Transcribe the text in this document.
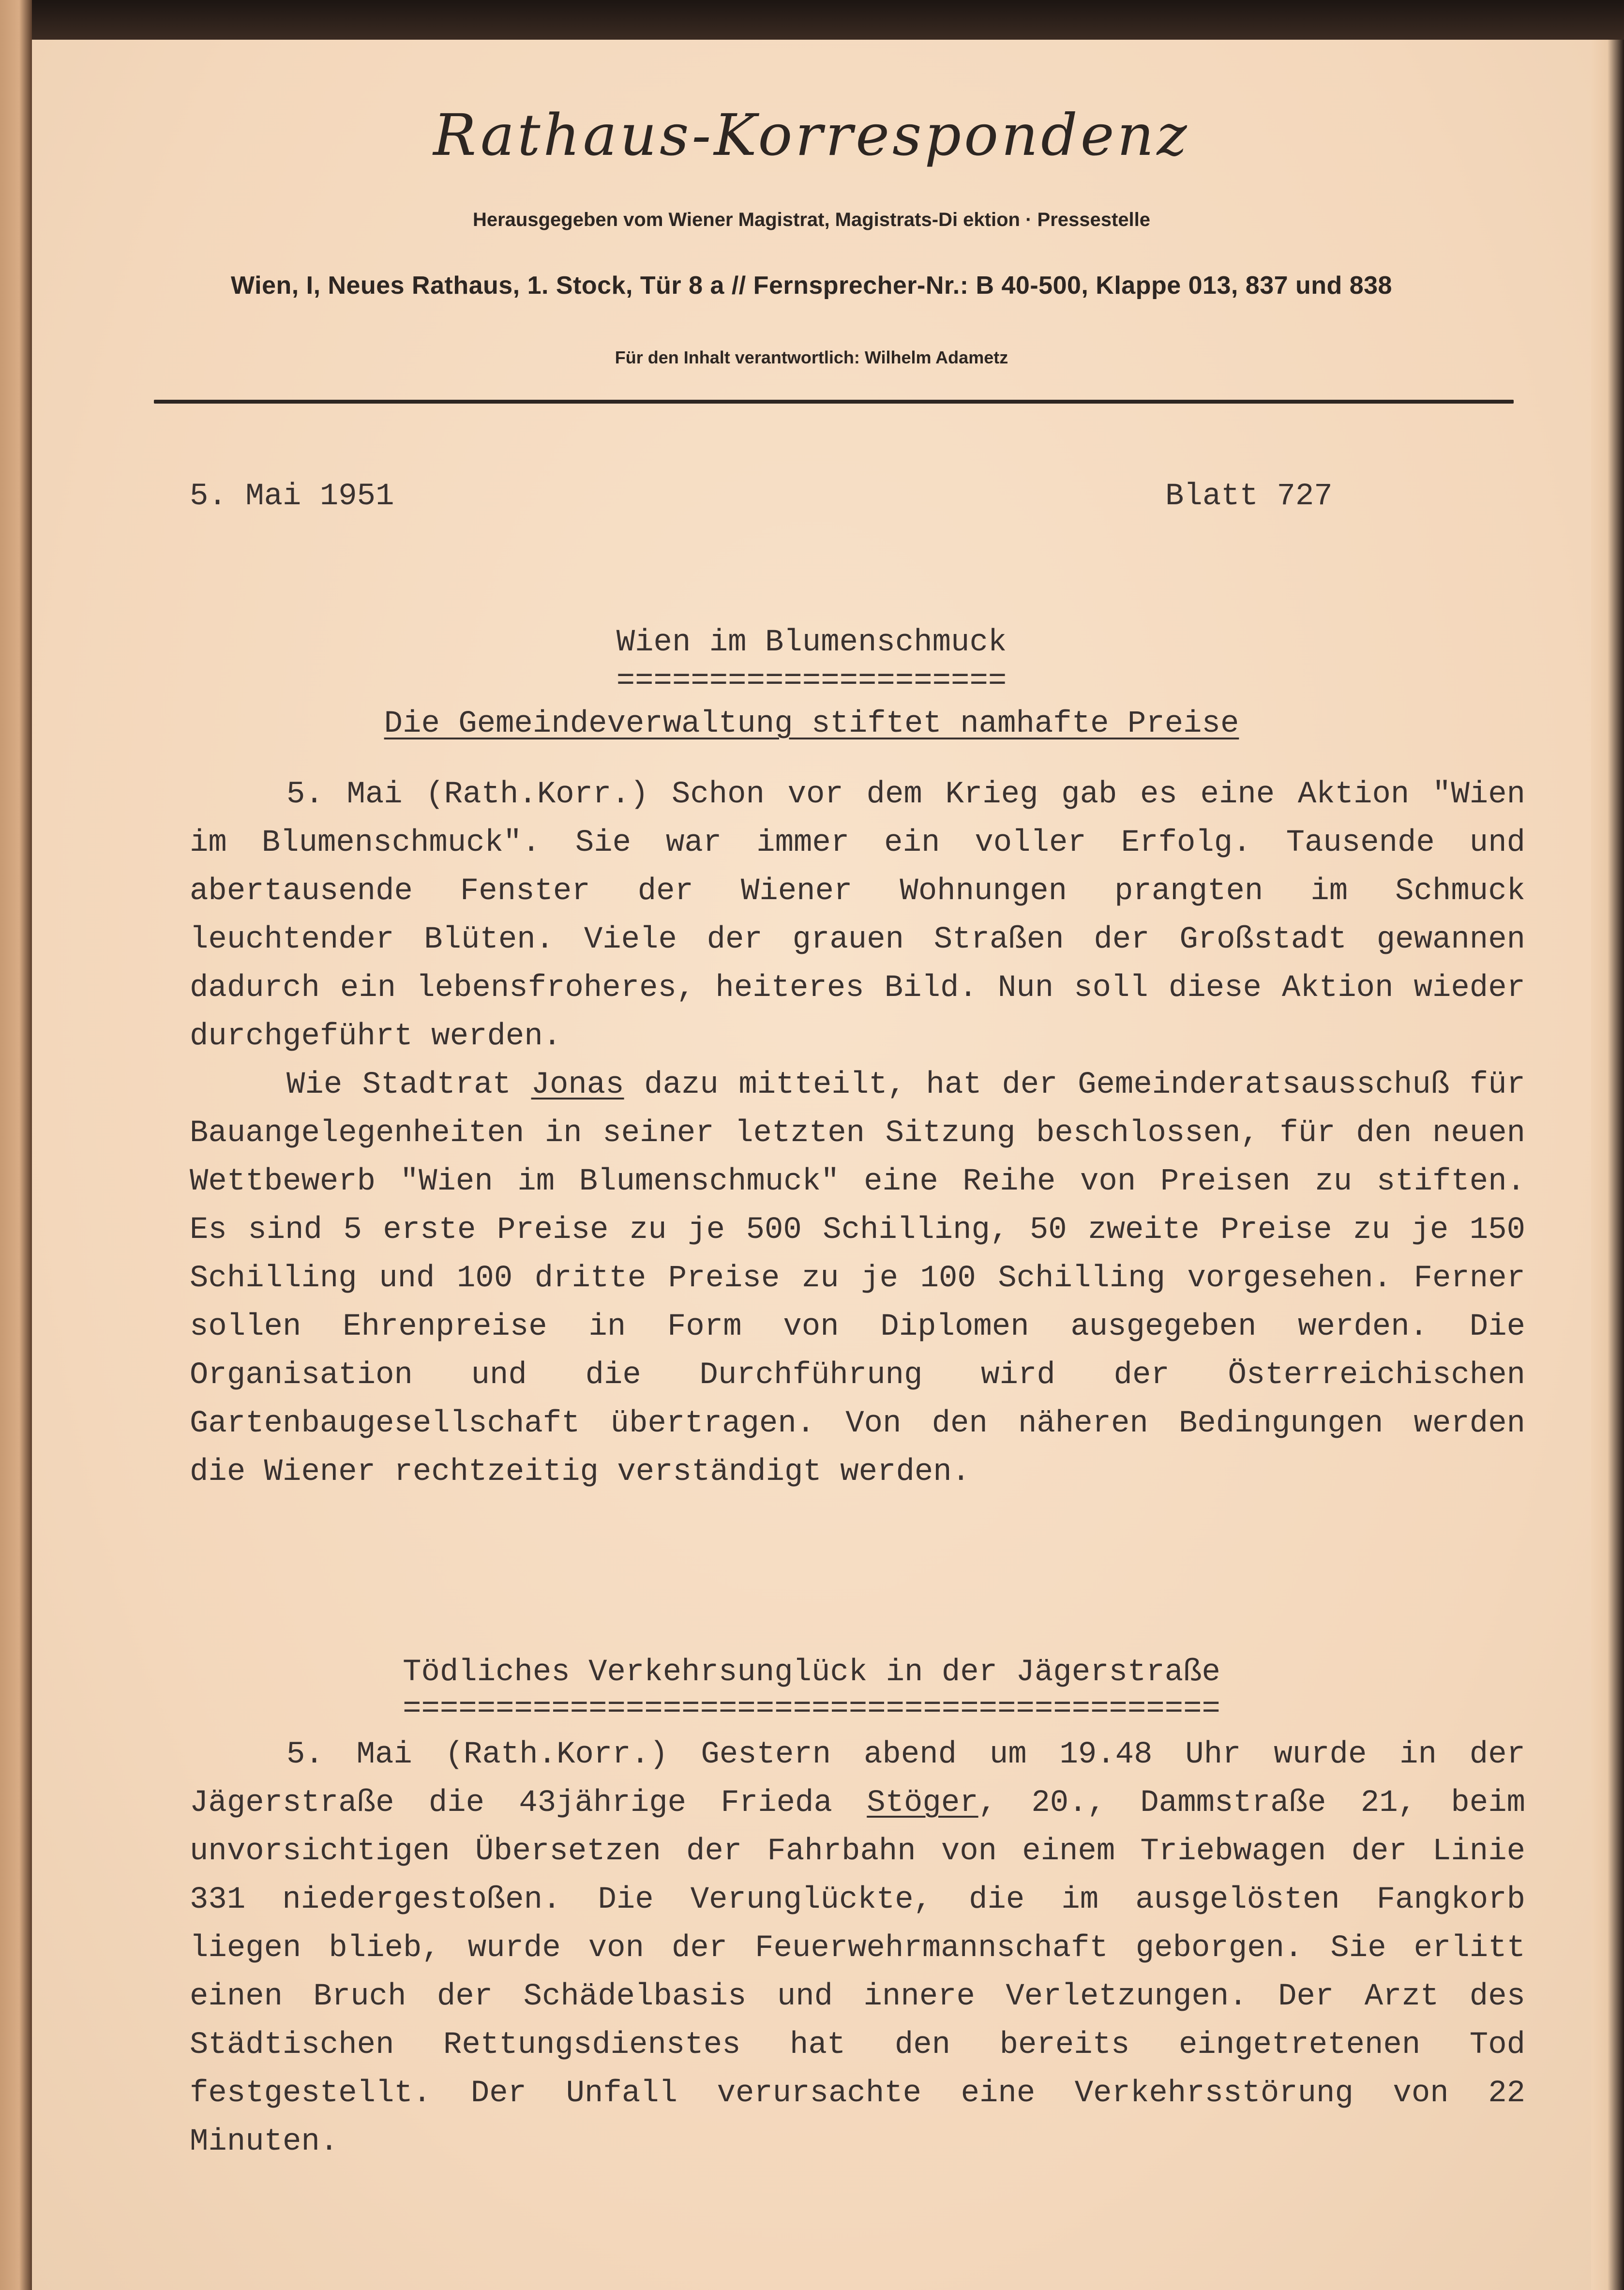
Rathaus-Korrespondenz
Herausgegeben vom Wiener Magistrat, Magistrats-Di ektion · Pressestelle
Wien, I, Neues Rathaus, 1. Stock, Tür 8 a // Fernsprecher-Nr.: B 40-500, Klappe 013, 837 und 838
Für den Inhalt verantwortlich: Wilhelm Adametz
5. Mai 1951	Blatt 727
Wien im Blumenschmuck
=====================
Die Gemeindeverwaltung stiftet namhafte Preise

5. Mai (Rath.Korr.) Schon vor dem Krieg gab es eine Aktion "Wien im Blumenschmuck". Sie war immer ein voller Erfolg. Tausende und abertausende Fenster der Wiener Wohnungen prangten im Schmuck leuchtender Blüten. Viele der grauen Straßen der Großstadt gewannen dadurch ein lebensfroheres, heiteres Bild. Nun soll diese Aktion wieder durchgeführt werden.

Wie Stadtrat Jonas dazu mitteilt, hat der Gemeinderatsausschuß für Bauangelegenheiten in seiner letzten Sitzung beschlossen, für den neuen Wettbewerb "Wien im Blumenschmuck" eine Reihe von Preisen zu stiften. Es sind 5 erste Preise zu je 500 Schilling, 50 zweite Preise zu je 150 Schilling und 100 dritte Preise zu je 100 Schilling vorgesehen. Ferner sollen Ehrenpreise in Form von Diplomen ausgegeben werden. Die Organisation und die Durchführung wird der Österreichischen Gartenbaugesellschaft übertragen. Von den näheren Bedingungen werden die Wiener rechtzeitig verständigt werden.

Tödliches Verkehrsunglück in der Jägerstraße
============================================

5. Mai (Rath.Korr.) Gestern abend um 19.48 Uhr wurde in der Jägerstraße die 43jährige Frieda Stöger, 20., Dammstraße 21, beim unvorsichtigen Übersetzen der Fahrbahn von einem Triebwagen der Linie 331 niedergestoßen. Die Verunglückte, die im ausgelösten Fangkorb liegen blieb, wurde von der Feuerwehrmannschaft geborgen. Sie erlitt einen Bruch der Schädelbasis und innere Verletzungen. Der Arzt des Städtischen Rettungsdienstes hat den bereits eingetretenen Tod festgestellt. Der Unfall verursachte eine Verkehrsstörung von 22 Minuten.
